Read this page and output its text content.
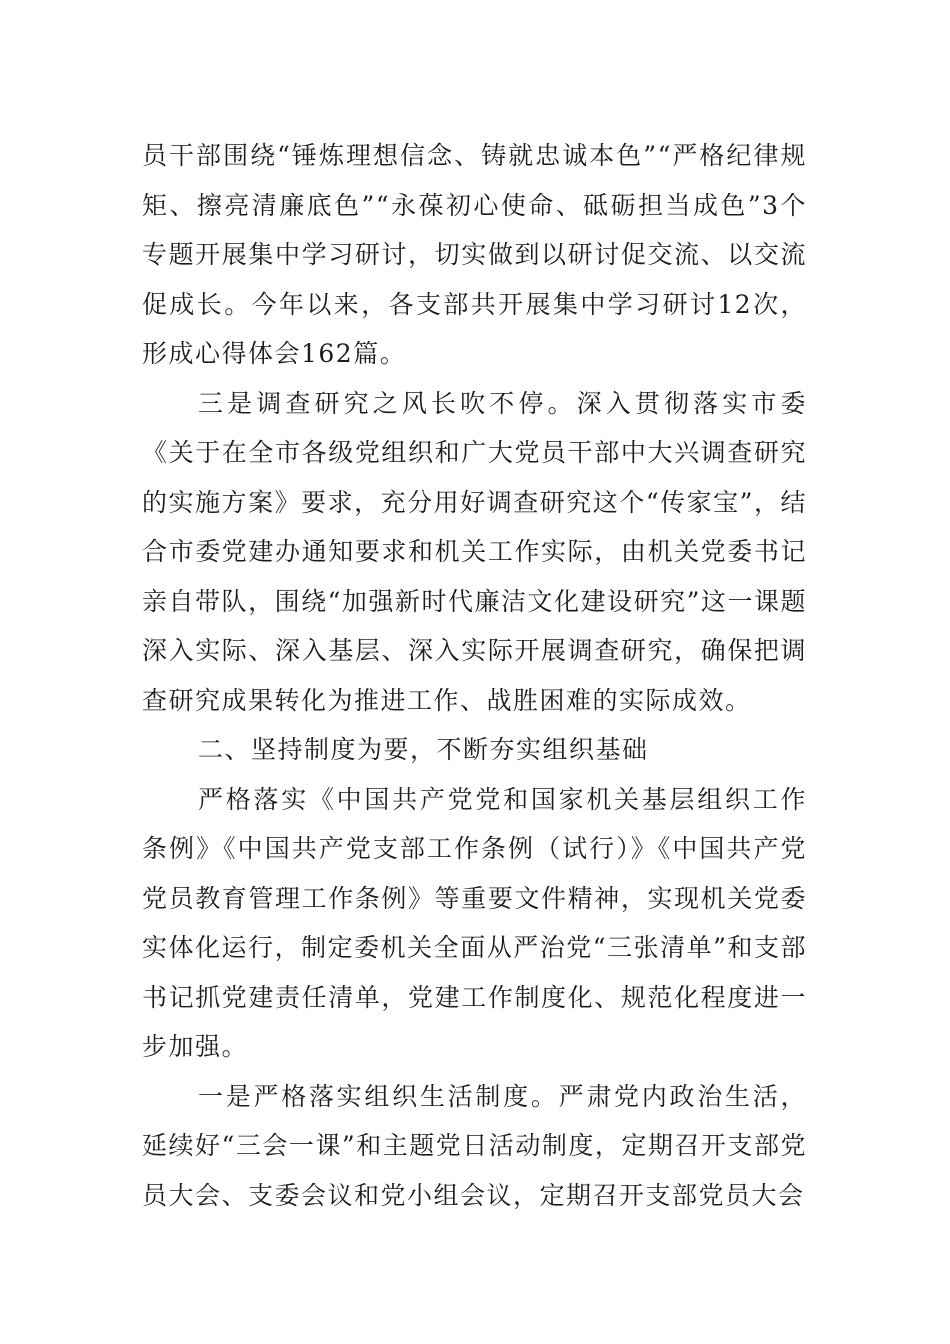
员干部围绕“锤炼理想信念、铸就忠诚本色”“严格纪律规矩、擦亮清廉底色”“永葆初心使命、砥砺担当成色”3个专题开展集中学习研讨，切实做到以研讨促交流、以交流促成长。今年以来，各支部共开展集中学习研讨12次，形成心得体会162篇。

三是调查研究之风长吹不停。深入贯彻落实市委《关于在全市各级党组织和广大党员干部中大兴调查研究的实施方案》要求，充分用好调查研究这个“传家宝”，结合市委党建办通知要求和机关工作实际，由机关党委书记亲自带队，围绕“加强新时代廉洁文化建设研究”这一课题深入实际、深入基层、深入实际开展调查研究，确保把调查研究成果转化为推进工作、战胜困难的实际成效。

二、坚持制度为要，不断夯实组织基础

严格落实《中国共产党党和国家机关基层组织工作条例》《中国共产党支部工作条例（试行）》《中国共产党党员教育管理工作条例》等重要文件精神，实现机关党委实体化运行，制定委机关全面从严治党“三张清单”和支部书记抓党建责任清单，党建工作制度化、规范化程度进一步加强。

一是严格落实组织生活制度。严肃党内政治生活，延续好“三会一课”和主题党日活动制度，定期召开支部党员大会、支委会议和党小组会议，定期召开支部党员大会
